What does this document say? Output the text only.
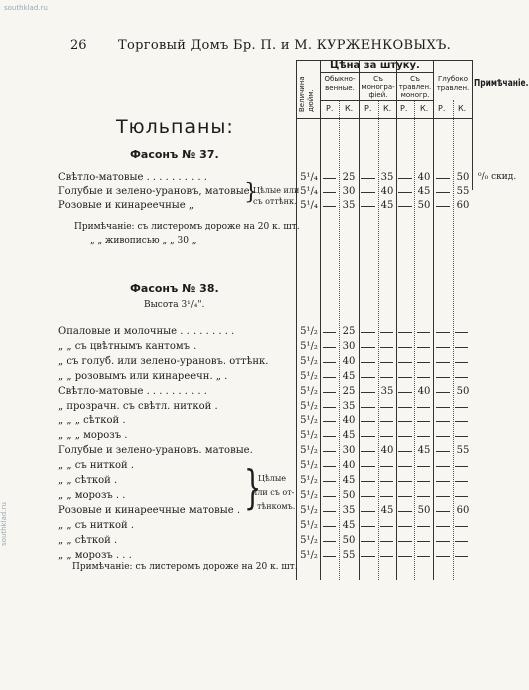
southklad.ru
southklad.ru
26 Торговый Домъ Бр. П. и М. КУРЖЕНКОВЫХЪ.
Цѣна за штуку.
Величина дюйм.
Обыкно-венные.
Съ моногра-фіей.
Съ травлен. моногр.
Глубоко травлен. Примѣчаніе.
Р. К. Р. К. Р. К. Р. К.
Тюльпаны:
Фасонъ № 37.
}
Цѣлые или
съ оттѣнк.
Примѣчаніе: съ листеромъ дороже на 20 к. шт.
„ „ живописью „ „ 30 „
Фасонъ № 38.
Высота 3¹/₄".
}
Цѣлые
или съ от-
тѣнкомъ.
Примѣчаніе: съ листеромъ дороже на 20 к. шт.
Свѣтло-матовые . . . . . . . . . .	5¹/₄ 25	35 40	50 ⁰/₀ скид.
Голубые и зелено-урановъ, матовые.	5¹/₄ 30	40 45	55
Розовые и кинареечные „	5¹/₄ 35	45 50	60
Опаловые и молочные . . . . . . . . .	5¹/₂ 25
„ „ съ цвѣтнымъ кантомъ .	5¹/₂ 30
„ съ голуб. или зелено-урановъ. оттѣнк.	5¹/₂ 40
„ „ розовымъ или кинареечн. „ .	5¹/₂ 45
Свѣтло-матовые . . . . . . . . . .	5¹/₂ 25	35 40	50
„ прозрачн. съ свѣтл. ниткой .	5¹/₂ 35
„ „ „ сѣткой .	5¹/₂ 40
„ „ „ морозъ .	5¹/₂ 45
Голубые и зелено-урановъ. матовые.	5¹/₂ 30	40 45	55
„ „ съ ниткой .	5¹/₂ 40
„ „ сѣткой .	5¹/₂ 45
„ „ морозъ . .	5¹/₂ 50
Розовые и кинареечные матовые .	5¹/₂ 35	45 50	60
„ „ съ ниткой .	5¹/₂ 45
„ „ сѣткой .	5¹/₂ 50
„ „ морозъ . . .	5¹/₂ 55
